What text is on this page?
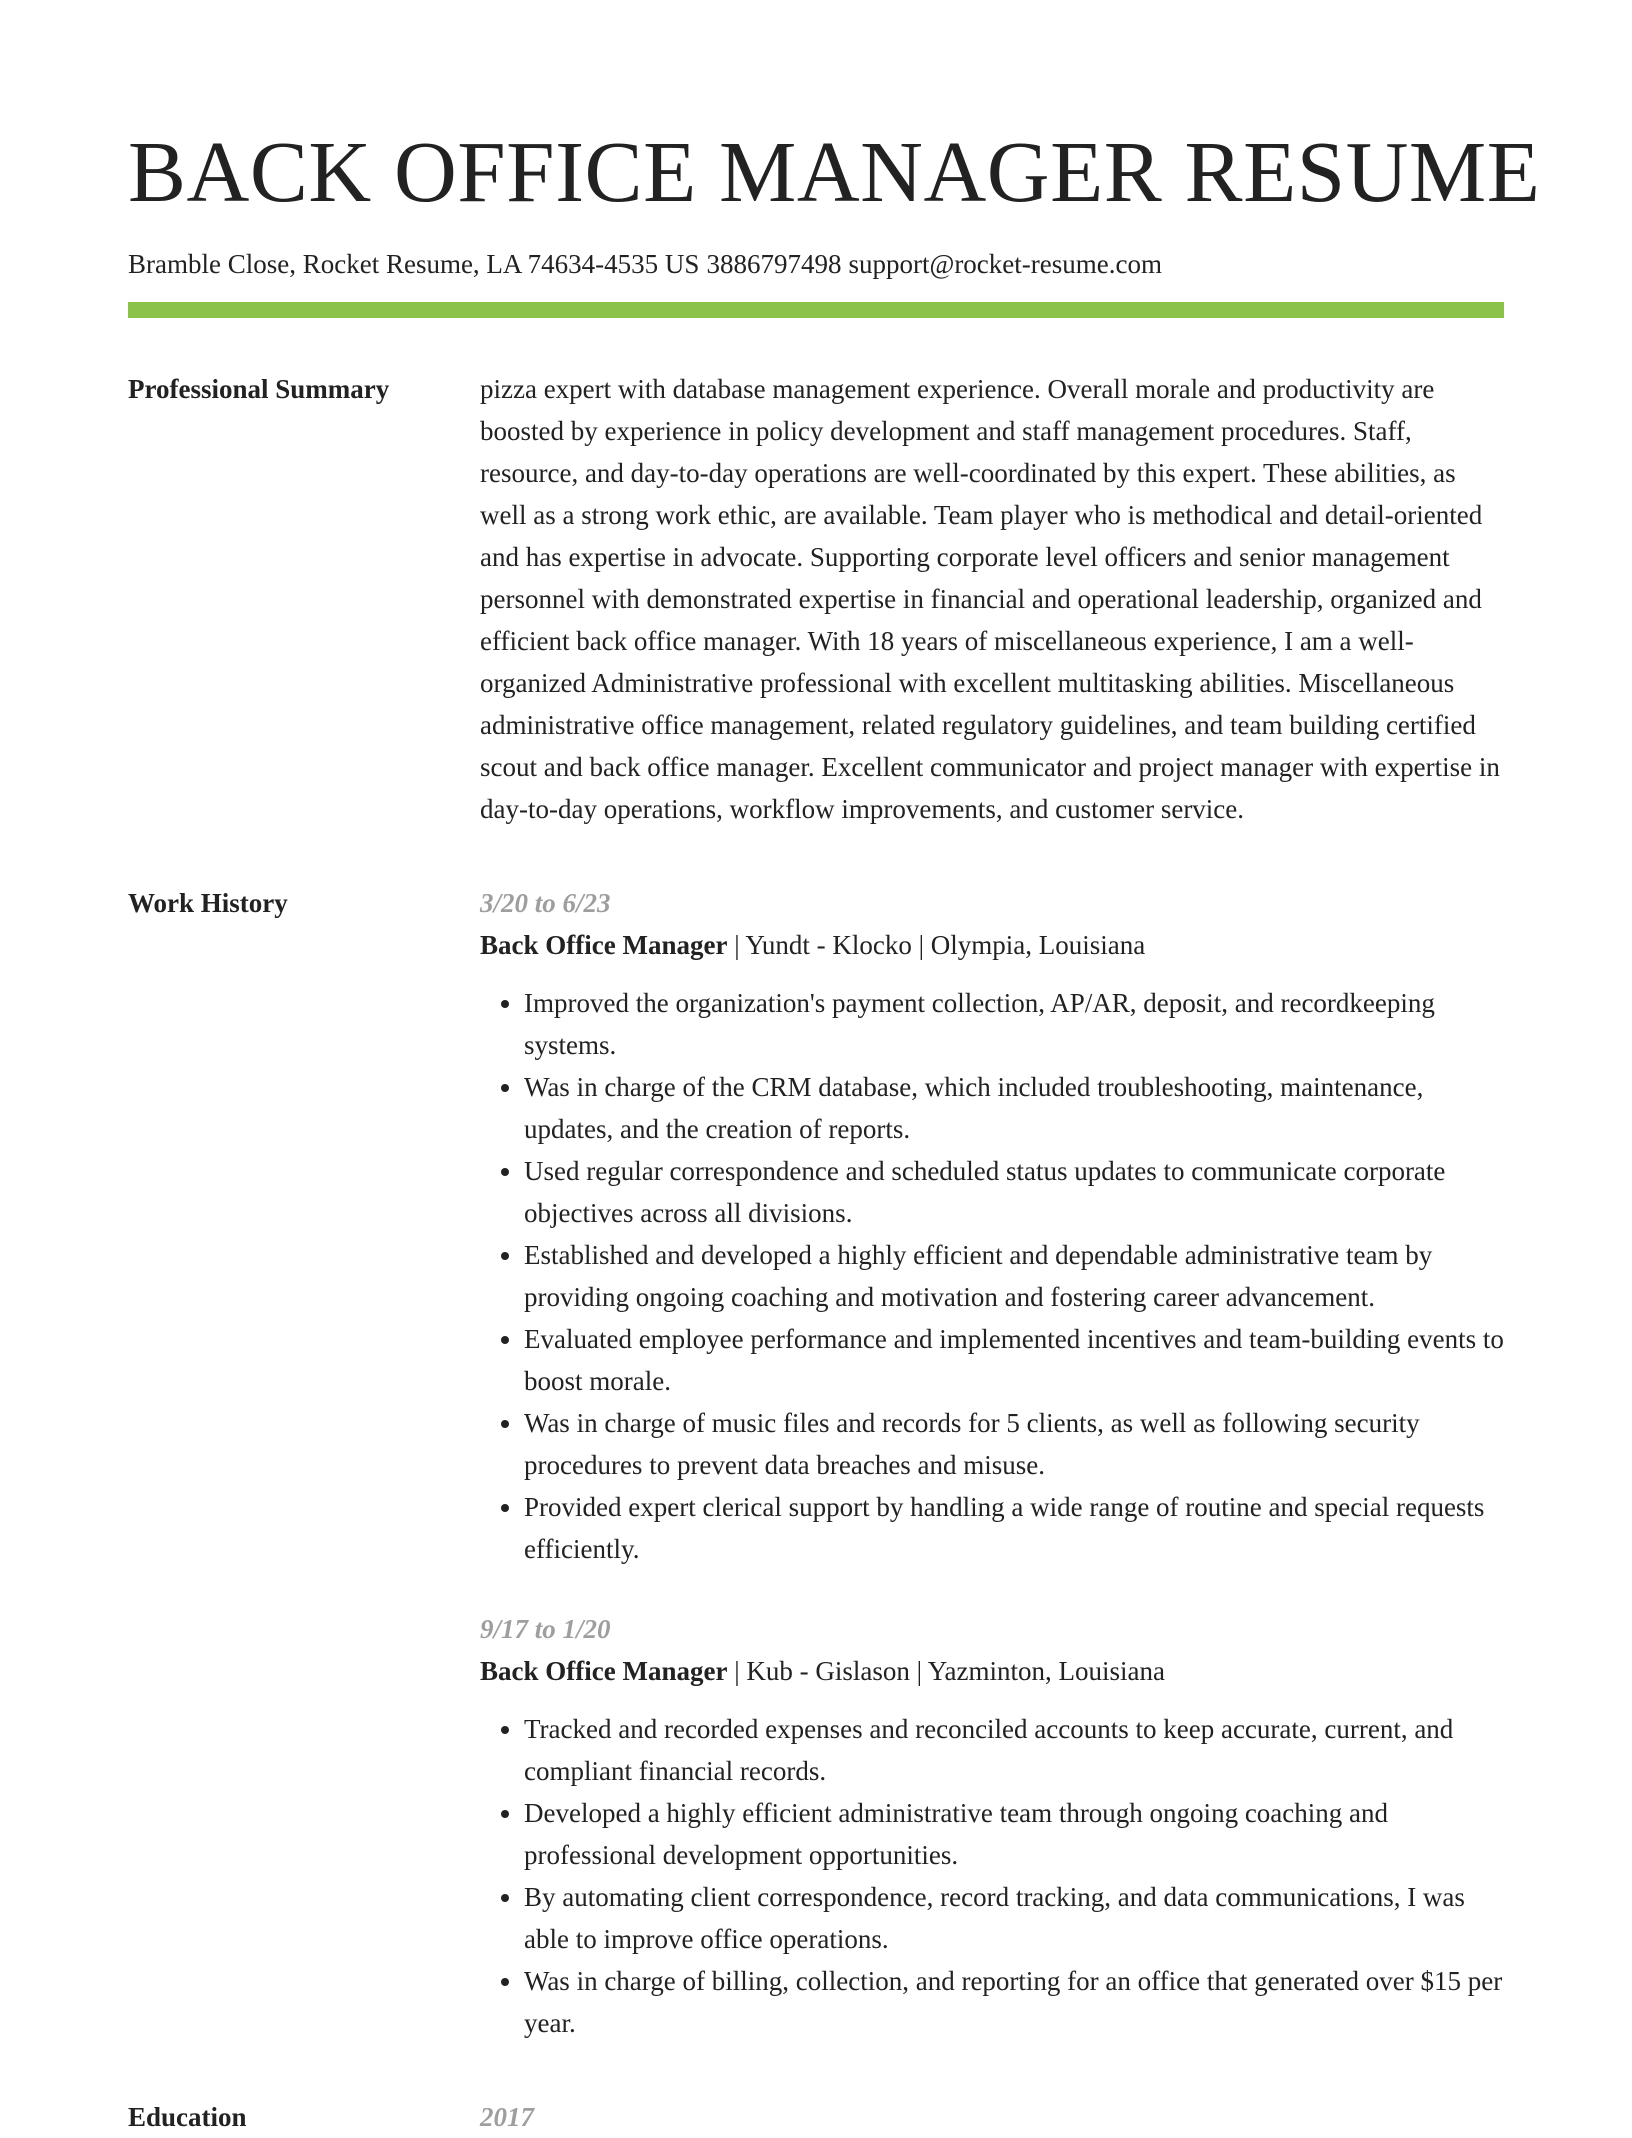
BACK OFFICE MANAGER RESUME
Bramble Close, Rocket Resume, LA 74634-4535 US 3886797498 support@rocket-resume.com
Professional Summary	pizza expert with database management experience. Overall morale and productivity are boosted by experience in policy development and staff management procedures. Staff, resource, and day-to-day operations are well-coordinated by this expert. These abilities, as well as a strong work ethic, are available. Team player who is methodical and detail-oriented and has expertise in advocate. Supporting corporate level officers and senior management personnel with demonstrated expertise in financial and operational leadership, organized and efficient back office manager. With 18 years of miscellaneous experience, I am a well-organized Administrative professional with excellent multitasking abilities. Miscellaneous administrative office management, related regulatory guidelines, and team building certified scout and back office manager. Excellent communicator and project manager with expertise in day-to-day operations, workflow improvements, and customer service.

Work History	3/20 to 6/23
Back Office Manager | Yundt - Klocko | Olympia, Louisiana
• Improved the organization's payment collection, AP/AR, deposit, and recordkeeping systems.
• Was in charge of the CRM database, which included troubleshooting, maintenance, updates, and the creation of reports.
• Used regular correspondence and scheduled status updates to communicate corporate objectives across all divisions.
• Established and developed a highly efficient and dependable administrative team by providing ongoing coaching and motivation and fostering career advancement.
• Evaluated employee performance and implemented incentives and team-building events to boost morale.
• Was in charge of music files and records for 5 clients, as well as following security procedures to prevent data breaches and misuse.
• Provided expert clerical support by handling a wide range of routine and special requests efficiently.
9/17 to 1/20
Back Office Manager | Kub - Gislason | Yazminton, Louisiana
• Tracked and recorded expenses and reconciled accounts to keep accurate, current, and compliant financial records.
• Developed a highly efficient administrative team through ongoing coaching and professional development opportunities.
• By automating client correspondence, record tracking, and data communications, I was able to improve office operations.
• Was in charge of billing, collection, and reporting for an office that generated over $15 per year.
Education	2017
